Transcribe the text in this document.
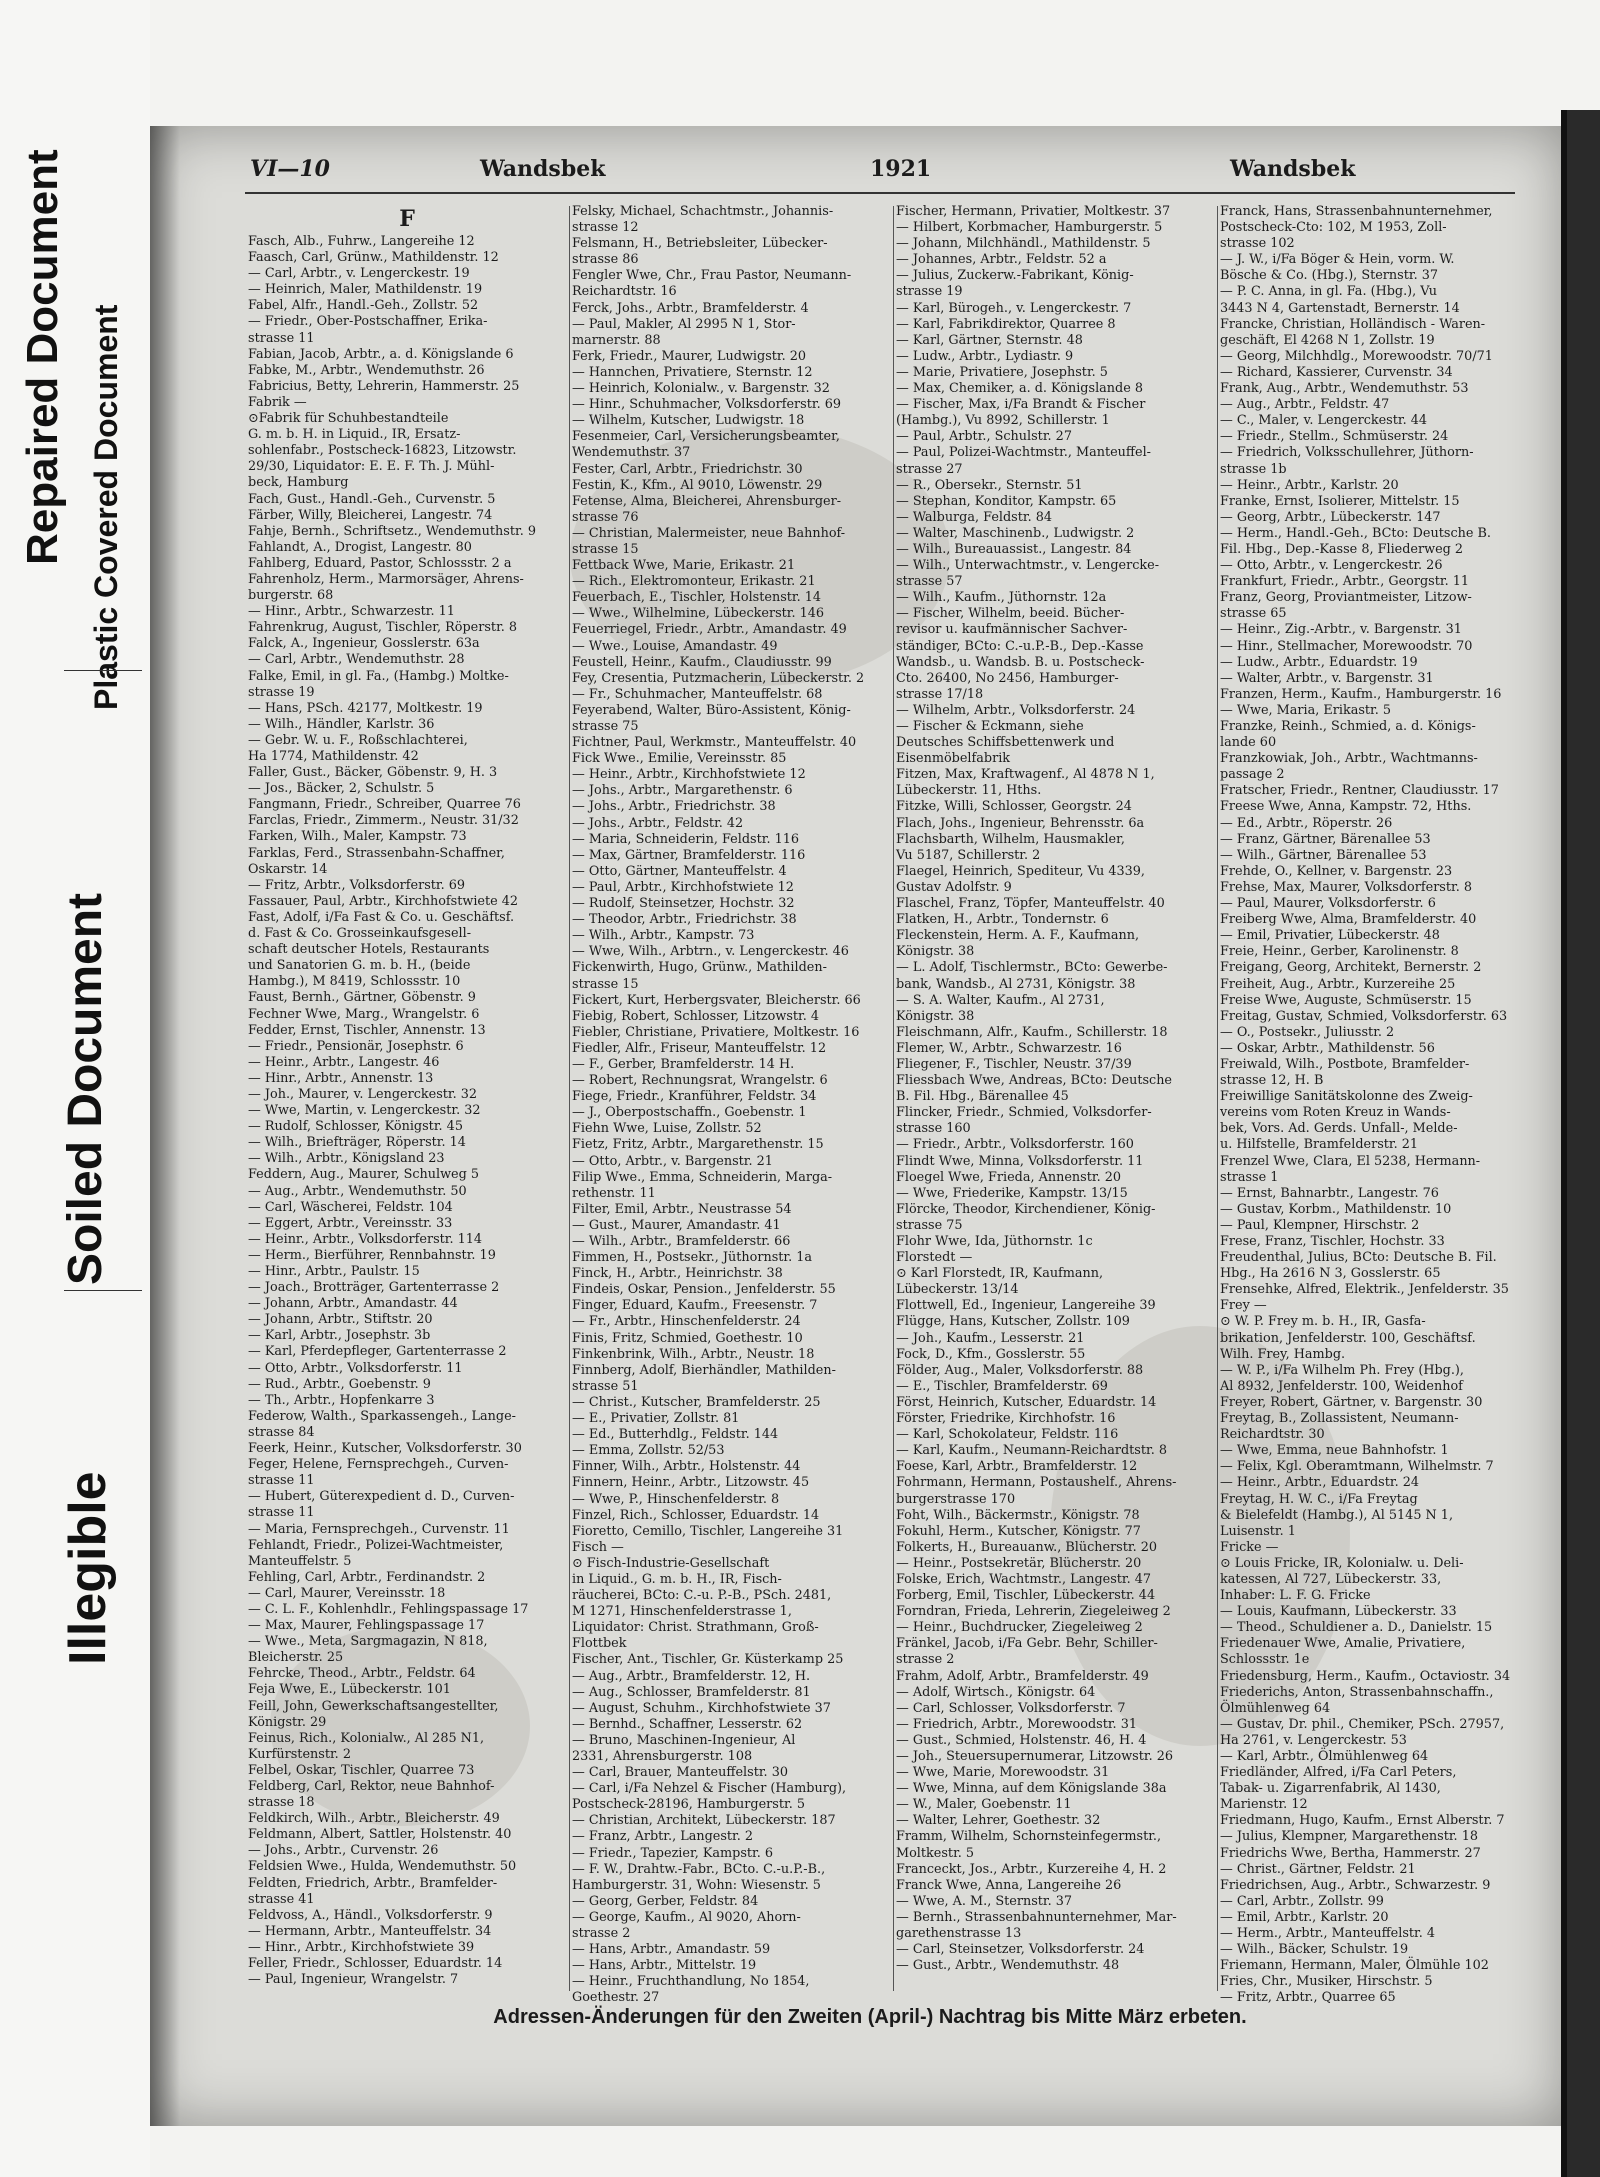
Repaired Document Plastic Covered Document
Soiled Document
Illegible
VI—10	Wandsbek	1921	Wandsbek

F

Fasch, Alb., Fuhrw., Langereihe 12

Faasch, Carl, Grünw., Mathildenstr. 12

— Carl, Arbtr., v. Lengerckestr. 19

— Heinrich, Maler, Mathildenstr. 19

Fabel, Alfr., Handl.-Geh., Zollstr. 52

— Friedr., Ober-Postschaffner, Erika-

strasse 11

Fabian, Jacob, Arbtr., a. d. Königslande 6

Fabke, M., Arbtr., Wendemuthstr. 26

Fabricius, Betty, Lehrerin, Hammerstr. 25

Fabrik —

⊙Fabrik für Schuhbestandteile

G. m. b. H. in Liquid., IR, Ersatz-

sohlenfabr., Postscheck-16823, Litzowstr.

29/30, Liquidator: E. E. F. Th. J. Mühl-

beck, Hamburg

Fach, Gust., Handl.-Geh., Curvenstr. 5

Färber, Willy, Bleicherei, Langestr. 74

Fahje, Bernh., Schriftsetz., Wendemuthstr. 9

Fahlandt, A., Drogist, Langestr. 80

Fahlberg, Eduard, Pastor, Schlossstr. 2 a

Fahrenholz, Herm., Marmorsäger, Ahrens-

burgerstr. 68

— Hinr., Arbtr., Schwarzestr. 11

Fahrenkrug, August, Tischler, Röperstr. 8

Falck, A., Ingenieur, Gosslerstr. 63a

— Carl, Arbtr., Wendemuthstr. 28

Falke, Emil, in gl. Fa., (Hambg.) Moltke-

strasse 19

— Hans, PSch. 42177, Moltkestr. 19

— Wilh., Händler, Karlstr. 36

— Gebr. W. u. F., Roßschlachterei,

Ha 1774, Mathildenstr. 42

Faller, Gust., Bäcker, Göbenstr. 9, H. 3

— Jos., Bäcker, 2, Schulstr. 5

Fangmann, Friedr., Schreiber, Quarree 76

Farclas, Friedr., Zimmerm., Neustr. 31/32

Farken, Wilh., Maler, Kampstr. 73

Farklas, Ferd., Strassenbahn-Schaffner,

Oskarstr. 14

— Fritz, Arbtr., Volksdorferstr. 69

Fassauer, Paul, Arbtr., Kirchhofstwiete 42

Fast, Adolf, i/Fa Fast & Co. u. Geschäftsf.

d. Fast & Co. Grosseinkaufsgesell-

schaft deutscher Hotels, Restaurants

und Sanatorien G. m. b. H., (beide

Hambg.), M 8419, Schlossstr. 10

Faust, Bernh., Gärtner, Göbenstr. 9

Fechner Wwe, Marg., Wrangelstr. 6

Fedder, Ernst, Tischler, Annenstr. 13

— Friedr., Pensionär, Josephstr. 6

— Heinr., Arbtr., Langestr. 46

— Hinr., Arbtr., Annenstr. 13

— Joh., Maurer, v. Lengerckestr. 32

— Wwe, Martin, v. Lengerckestr. 32

— Rudolf, Schlosser, Königstr. 45

— Wilh., Briefträger, Röperstr. 14

— Wilh., Arbtr., Königsland 23

Feddern, Aug., Maurer, Schulweg 5

— Aug., Arbtr., Wendemuthstr. 50

— Carl, Wäscherei, Feldstr. 104

— Eggert, Arbtr., Vereinsstr. 33

— Heinr., Arbtr., Volksdorferstr. 114

— Herm., Bierführer, Rennbahnstr. 19

— Hinr., Arbtr., Paulstr. 15

— Joach., Brotträger, Gartenterrasse 2

— Johann, Arbtr., Amandastr. 44

— Johann, Arbtr., Stiftstr. 20

— Karl, Arbtr., Josephstr. 3b

— Karl, Pferdepfleger, Gartenterrasse 2

— Otto, Arbtr., Volksdorferstr. 11

— Rud., Arbtr., Goebenstr. 9

— Th., Arbtr., Hopfenkarre 3

Federow, Walth., Sparkassengeh., Lange-

strasse 84

Feerk, Heinr., Kutscher, Volksdorferstr. 30

Feger, Helene, Fernsprechgeh., Curven-

strasse 11

— Hubert, Güterexpedient d. D., Curven-

strasse 11

— Maria, Fernsprechgeh., Curvenstr. 11

Fehlandt, Friedr., Polizei-Wachtmeister,

Manteuffelstr. 5

Fehling, Carl, Arbtr., Ferdinandstr. 2

— Carl, Maurer, Vereinsstr. 18

— C. L. F., Kohlenhdlr., Fehlingspassage 17

— Max, Maurer, Fehlingspassage 17

— Wwe., Meta, Sargmagazin, N 818,

Bleicherstr. 25

Fehrcke, Theod., Arbtr., Feldstr. 64

Feja Wwe, E., Lübeckerstr. 101

Feill, John, Gewerkschaftsangestellter,

Königstr. 29

Feinus, Rich., Kolonialw., Al 285 N1,

Kurfürstenstr. 2

Felbel, Oskar, Tischler, Quarree 73

Feldberg, Carl, Rektor, neue Bahnhof-

strasse 18

Feldkirch, Wilh., Arbtr., Bleicherstr. 49

Feldmann, Albert, Sattler, Holstenstr. 40

— Johs., Arbtr., Curvenstr. 26

Feldsien Wwe., Hulda, Wendemuthstr. 50

Feldten, Friedrich, Arbtr., Bramfelder-

strasse 41

Feldvoss, A., Händl., Volksdorferstr. 9

— Hermann, Arbtr., Manteuffelstr. 34

— Hinr., Arbtr., Kirchhofstwiete 39

Feller, Friedr., Schlosser, Eduardstr. 14

— Paul, Ingenieur, Wrangelstr. 7

Felsky, Michael, Schachtmstr., Johannis-

strasse 12

Felsmann, H., Betriebsleiter, Lübecker-

strasse 86

Fengler Wwe, Chr., Frau Pastor, Neumann-

Reichardtstr. 16

Ferck, Johs., Arbtr., Bramfelderstr. 4

— Paul, Makler, Al 2995 N 1, Stor-

marnerstr. 88

Ferk, Friedr., Maurer, Ludwigstr. 20

— Hannchen, Privatiere, Sternstr. 12

— Heinrich, Kolonialw., v. Bargenstr. 32

— Hinr., Schuhmacher, Volksdorferstr. 69

— Wilhelm, Kutscher, Ludwigstr. 18

Fesenmeier, Carl, Versicherungsbeamter,

Wendemuthstr. 37

Fester, Carl, Arbtr., Friedrichstr. 30

Festin, K., Kfm., Al 9010, Löwenstr. 29

Fetense, Alma, Bleicherei, Ahrensburger-

strasse 76

— Christian, Malermeister, neue Bahnhof-

strasse 15

Fettback Wwe, Marie, Erikastr. 21

— Rich., Elektromonteur, Erikastr. 21

Feuerbach, E., Tischler, Holstenstr. 14

— Wwe., Wilhelmine, Lübeckerstr. 146

Feuerriegel, Friedr., Arbtr., Amandastr. 49

— Wwe., Louise, Amandastr. 49

Feustell, Heinr., Kaufm., Claudiusstr. 99

Fey, Cresentia, Putzmacherin, Lübeckerstr. 2

— Fr., Schuhmacher, Manteuffelstr. 68

Feyerabend, Walter, Büro-Assistent, König-

strasse 75

Fichtner, Paul, Werkmstr., Manteuffelstr. 40

Fick Wwe., Emilie, Vereinsstr. 85

— Heinr., Arbtr., Kirchhofstwiete 12

— Johs., Arbtr., Margarethenstr. 6

— Johs., Arbtr., Friedrichstr. 38

— Johs., Arbtr., Feldstr. 42

— Maria, Schneiderin, Feldstr. 116

— Max, Gärtner, Bramfelderstr. 116

— Otto, Gärtner, Manteuffelstr. 4

— Paul, Arbtr., Kirchhofstwiete 12

— Rudolf, Steinsetzer, Hochstr. 32

— Theodor, Arbtr., Friedrichstr. 38

— Wilh., Arbtr., Kampstr. 73

— Wwe, Wilh., Arbtrn., v. Lengerckestr. 46

Fickenwirth, Hugo, Grünw., Mathilden-

strasse 15

Fickert, Kurt, Herbergsvater, Bleicherstr. 66

Fiebig, Robert, Schlosser, Litzowstr. 4

Fiebler, Christiane, Privatiere, Moltkestr. 16

Fiedler, Alfr., Friseur, Manteuffelstr. 12

— F., Gerber, Bramfelderstr. 14 H.

— Robert, Rechnungsrat, Wrangelstr. 6

Fiege, Friedr., Kranführer, Feldstr. 34

— J., Oberpostschaffn., Goebenstr. 1

Fiehn Wwe, Luise, Zollstr. 52

Fietz, Fritz, Arbtr., Margarethenstr. 15

— Otto, Arbtr., v. Bargenstr. 21

Filip Wwe., Emma, Schneiderin, Marga-

rethenstr. 11

Filter, Emil, Arbtr., Neustrasse 54

— Gust., Maurer, Amandastr. 41

— Wilh., Arbtr., Bramfelderstr. 66

Fimmen, H., Postsekr., Jüthornstr. 1a

Finck, H., Arbtr., Heinrichstr. 38

Findeis, Oskar, Pension., Jenfelderstr. 55

Finger, Eduard, Kaufm., Freesenstr. 7

— Fr., Arbtr., Hinschenfelderstr. 24

Finis, Fritz, Schmied, Goethestr. 10

Finkenbrink, Wilh., Arbtr., Neustr. 18

Finnberg, Adolf, Bierhändler, Mathilden-

strasse 51

— Christ., Kutscher, Bramfelderstr. 25

— E., Privatier, Zollstr. 81

— Ed., Butterhdlg., Feldstr. 144

— Emma, Zollstr. 52/53

Finner, Wilh., Arbtr., Holstenstr. 44

Finnern, Heinr., Arbtr., Litzowstr. 45

— Wwe, P., Hinschenfelderstr. 8

Finzel, Rich., Schlosser, Eduardstr. 14

Fioretto, Cemillo, Tischler, Langereihe 31

Fisch —

⊙ Fisch-Industrie-Gesellschaft

in Liquid., G. m. b. H., IR, Fisch-

räucherei, BCto: C.-u. P.-B., PSch. 2481,

M 1271, Hinschenfelderstrasse 1,

Liquidator: Christ. Strathmann, Groß-

Flottbek

Fischer, Ant., Tischler, Gr. Küsterkamp 25

— Aug., Arbtr., Bramfelderstr. 12, H.

— Aug., Schlosser, Bramfelderstr. 81

— August, Schuhm., Kirchhofstwiete 37

— Bernhd., Schaffner, Lesserstr. 62

— Bruno, Maschinen-Ingenieur, Al

2331, Ahrensburgerstr. 108

— Carl, Brauer, Manteuffelstr. 30

— Carl, i/Fa Nehzel & Fischer (Hamburg),

Postscheck-28196, Hamburgerstr. 5

— Christian, Architekt, Lübeckerstr. 187

— Franz, Arbtr., Langestr. 2

— Friedr., Tapezier, Kampstr. 6

— F. W., Drahtw.-Fabr., BCto. C.-u.P.-B.,

Hamburgerstr. 31, Wohn: Wiesenstr. 5

— Georg, Gerber, Feldstr. 84

— George, Kaufm., Al 9020, Ahorn-

strasse 2

— Hans, Arbtr., Amandastr. 59

— Hans, Arbtr., Mittelstr. 19

— Heinr., Fruchthandlung, No 1854,

Goethestr. 27

Fischer, Hermann, Privatier, Moltkestr. 37

— Hilbert, Korbmacher, Hamburgerstr. 5

— Johann, Milchhändl., Mathildenstr. 5

— Johannes, Arbtr., Feldstr. 52 a

— Julius, Zuckerw.-Fabrikant, König-

strasse 19

— Karl, Bürogeh., v. Lengerckestr. 7

— Karl, Fabrikdirektor, Quarree 8

— Karl, Gärtner, Sternstr. 48

— Ludw., Arbtr., Lydiastr. 9

— Marie, Privatiere, Josephstr. 5

— Max, Chemiker, a. d. Königslande 8

— Fischer, Max, i/Fa Brandt & Fischer

(Hambg.), Vu 8992, Schillerstr. 1

— Paul, Arbtr., Schulstr. 27

— Paul, Polizei-Wachtmstr., Manteuffel-

strasse 27

— R., Obersekr., Sternstr. 51

— Stephan, Konditor, Kampstr. 65

— Walburga, Feldstr. 84

— Walter, Maschinenb., Ludwigstr. 2

— Wilh., Bureauassist., Langestr. 84

— Wilh., Unterwachtmstr., v. Lengercke-

strasse 57

— Wilh., Kaufm., Jüthornstr. 12a

— Fischer, Wilhelm, beeid. Bücher-

revisor u. kaufmännischer Sachver-

ständiger, BCto: C.-u.P.-B., Dep.-Kasse

Wandsb., u. Wandsb. B. u. Postscheck-

Cto. 26400, No 2456, Hamburger-

strasse 17/18

— Wilhelm, Arbtr., Volksdorferstr. 24

— Fischer & Eckmann, siehe

Deutsches Schiffsbettenwerk und

Eisenmöbelfabrik

Fitzen, Max, Kraftwagenf., Al 4878 N 1,

Lübeckerstr. 11, Hths.

Fitzke, Willi, Schlosser, Georgstr. 24

Flach, Johs., Ingenieur, Behrensstr. 6a

Flachsbarth, Wilhelm, Hausmakler,

Vu 5187, Schillerstr. 2

Flaegel, Heinrich, Spediteur, Vu 4339,

Gustav Adolfstr. 9

Flaschel, Franz, Töpfer, Manteuffelstr. 40

Flatken, H., Arbtr., Tondernstr. 6

Fleckenstein, Herm. A. F., Kaufmann,

Königstr. 38

— L. Adolf, Tischlermstr., BCto: Gewerbe-

bank, Wandsb., Al 2731, Königstr. 38

— S. A. Walter, Kaufm., Al 2731,

Königstr. 38

Fleischmann, Alfr., Kaufm., Schillerstr. 18

Flemer, W., Arbtr., Schwarzestr. 16

Fliegener, F., Tischler, Neustr. 37/39

Fliessbach Wwe, Andreas, BCto: Deutsche

B. Fil. Hbg., Bärenallee 45

Flincker, Friedr., Schmied, Volksdorfer-

strasse 160

— Friedr., Arbtr., Volksdorferstr. 160

Flindt Wwe, Minna, Volksdorferstr. 11

Floegel Wwe, Frieda, Annenstr. 20

— Wwe, Friederike, Kampstr. 13/15

Flörcke, Theodor, Kirchendiener, König-

strasse 75

Flohr Wwe, Ida, Jüthornstr. 1c

Florstedt —

⊙ Karl Florstedt, IR, Kaufmann,

Lübeckerstr. 13/14

Flottwell, Ed., Ingenieur, Langereihe 39

Flügge, Hans, Kutscher, Zollstr. 109

— Joh., Kaufm., Lesserstr. 21

Fock, D., Kfm., Gosslerstr. 55

Földer, Aug., Maler, Volksdorferstr. 88

— E., Tischler, Bramfelderstr. 69

Först, Heinrich, Kutscher, Eduardstr. 14

Förster, Friedrike, Kirchhofstr. 16

— Karl, Schokolateur, Feldstr. 116

— Karl, Kaufm., Neumann-Reichardtstr. 8

Foese, Karl, Arbtr., Bramfelderstr. 12

Fohrmann, Hermann, Postaushelf., Ahrens-

burgerstrasse 170

Foht, Wilh., Bäckermstr., Königstr. 78

Fokuhl, Herm., Kutscher, Königstr. 77

Folkerts, H., Bureauanw., Blücherstr. 20

— Heinr., Postsekretär, Blücherstr. 20

Folske, Erich, Wachtmstr., Langestr. 47

Forberg, Emil, Tischler, Lübeckerstr. 44

Forndran, Frieda, Lehrerin, Ziegeleiweg 2

— Heinr., Buchdrucker, Ziegeleiweg 2

Fränkel, Jacob, i/Fa Gebr. Behr, Schiller-

strasse 2

Frahm, Adolf, Arbtr., Bramfelderstr. 49

— Adolf, Wirtsch., Königstr. 64

— Carl, Schlosser, Volksdorferstr. 7

— Friedrich, Arbtr., Morewoodstr. 31

— Gust., Schmied, Holstenstr. 46, H. 4

— Joh., Steuersupernumerar, Litzowstr. 26

— Wwe, Marie, Morewoodstr. 31

— Wwe, Minna, auf dem Königslande 38a

— W., Maler, Goebenstr. 11

— Walter, Lehrer, Goethestr. 32

Framm, Wilhelm, Schornsteinfegermstr.,

Moltkestr. 5

Franceckt, Jos., Arbtr., Kurzereihe 4, H. 2

Franck Wwe, Anna, Langereihe 26

— Wwe, A. M., Sternstr. 37

— Bernh., Strassenbahnunternehmer, Mar-

garethenstrasse 13

— Carl, Steinsetzer, Volksdorferstr. 24

— Gust., Arbtr., Wendemuthstr. 48

Franck, Hans, Strassenbahnunternehmer,

Postscheck-Cto: 102, M 1953, Zoll-

strasse 102

— J. W., i/Fa Böger & Hein, vorm. W.

Bösche & Co. (Hbg.), Sternstr. 37

— P. C. Anna, in gl. Fa. (Hbg.), Vu

3443 N 4, Gartenstadt, Bernerstr. 14

Francke, Christian, Holländisch - Waren-

geschäft, El 4268 N 1, Zollstr. 19

— Georg, Milchhdlg., Morewoodstr. 70/71

— Richard, Kassierer, Curvenstr. 34

Frank, Aug., Arbtr., Wendemuthstr. 53

— Aug., Arbtr., Feldstr. 47

— C., Maler, v. Lengerckestr. 44

— Friedr., Stellm., Schmüserstr. 24

— Friedrich, Volksschullehrer, Jüthorn-

strasse 1b

— Heinr., Arbtr., Karlstr. 20

Franke, Ernst, Isolierer, Mittelstr. 15

— Georg, Arbtr., Lübeckerstr. 147

— Herm., Handl.-Geh., BCto: Deutsche B.

Fil. Hbg., Dep.-Kasse 8, Fliederweg 2

— Otto, Arbtr., v. Lengerckestr. 26

Frankfurt, Friedr., Arbtr., Georgstr. 11

Franz, Georg, Proviantmeister, Litzow-

strasse 65

— Heinr., Zig.-Arbtr., v. Bargenstr. 31

— Hinr., Stellmacher, Morewoodstr. 70

— Ludw., Arbtr., Eduardstr. 19

— Walter, Arbtr., v. Bargenstr. 31

Franzen, Herm., Kaufm., Hamburgerstr. 16

— Wwe, Maria, Erikastr. 5

Franzke, Reinh., Schmied, a. d. Königs-

lande 60

Franzkowiak, Joh., Arbtr., Wachtmanns-

passage 2

Fratscher, Friedr., Rentner, Claudiusstr. 17

Freese Wwe, Anna, Kampstr. 72, Hths.

— Ed., Arbtr., Röperstr. 26

— Franz, Gärtner, Bärenallee 53

— Wilh., Gärtner, Bärenallee 53

Frehde, O., Kellner, v. Bargenstr. 23

Frehse, Max, Maurer, Volksdorferstr. 8

— Paul, Maurer, Volksdorferstr. 6

Freiberg Wwe, Alma, Bramfelderstr. 40

— Emil, Privatier, Lübeckerstr. 48

Freie, Heinr., Gerber, Karolinenstr. 8

Freigang, Georg, Architekt, Bernerstr. 2

Freiheit, Aug., Arbtr., Kurzereihe 25

Freise Wwe, Auguste, Schmüserstr. 15

Freitag, Gustav, Schmied, Volksdorferstr. 63

— O., Postsekr., Juliusstr. 2

— Oskar, Arbtr., Mathildenstr. 56

Freiwald, Wilh., Postbote, Bramfelder-

strasse 12, H. B

Freiwillige Sanitätskolonne des Zweig-

vereins vom Roten Kreuz in Wands-

bek, Vors. Ad. Gerds. Unfall-, Melde-

u. Hilfstelle, Bramfelderstr. 21

Frenzel Wwe, Clara, El 5238, Hermann-

strasse 1

— Ernst, Bahnarbtr., Langestr. 76

— Gustav, Korbm., Mathildenstr. 10

— Paul, Klempner, Hirschstr. 2

Frese, Franz, Tischler, Hochstr. 33

Freudenthal, Julius, BCto: Deutsche B. Fil.

Hbg., Ha 2616 N 3, Gosslerstr. 65

Frensehke, Alfred, Elektrik., Jenfelderstr. 35

Frey —

⊙ W. P. Frey m. b. H., IR, Gasfa-

brikation, Jenfelderstr. 100, Geschäftsf.

Wilh. Frey, Hambg.

— W. P., i/Fa Wilhelm Ph. Frey (Hbg.),

Al 8932, Jenfelderstr. 100, Weidenhof

Freyer, Robert, Gärtner, v. Bargenstr. 30

Freytag, B., Zollassistent, Neumann-

Reichardtstr. 30

— Wwe, Emma, neue Bahnhofstr. 1

— Felix, Kgl. Oberamtmann, Wilhelmstr. 7

— Heinr., Arbtr., Eduardstr. 24

Freytag, H. W. C., i/Fa Freytag

& Bielefeldt (Hambg.), Al 5145 N 1,

Luisenstr. 1

Fricke —

⊙ Louis Fricke, IR, Kolonialw. u. Deli-

katessen, Al 727, Lübeckerstr. 33,

Inhaber: L. F. G. Fricke

— Louis, Kaufmann, Lübeckerstr. 33

— Theod., Schuldiener a. D., Danielstr. 15

Friedenauer Wwe, Amalie, Privatiere,

Schlossstr. 1e

Friedensburg, Herm., Kaufm., Octaviostr. 34

Friederichs, Anton, Strassenbahnschaffn.,

Ölmühlenweg 64

— Gustav, Dr. phil., Chemiker, PSch. 27957,

Ha 2761, v. Lengerckestr. 53

— Karl, Arbtr., Ölmühlenweg 64

Friedländer, Alfred, i/Fa Carl Peters,

Tabak- u. Zigarrenfabrik, Al 1430,

Marienstr. 12

Friedmann, Hugo, Kaufm., Ernst Alberstr. 7

— Julius, Klempner, Margarethenstr. 18

Friedrichs Wwe, Bertha, Hammerstr. 27

— Christ., Gärtner, Feldstr. 21

Friedrichsen, Aug., Arbtr., Schwarzestr. 9

— Carl, Arbtr., Zollstr. 99

— Emil, Arbtr., Karlstr. 20

— Herm., Arbtr., Manteuffelstr. 4

— Wilh., Bäcker, Schulstr. 19

Friemann, Hermann, Maler, Ölmühle 102

Fries, Chr., Musiker, Hirschstr. 5

— Fritz, Arbtr., Quarree 65

Adressen-Änderungen für den Zweiten (April-) Nachtrag bis Mitte März erbeten.
